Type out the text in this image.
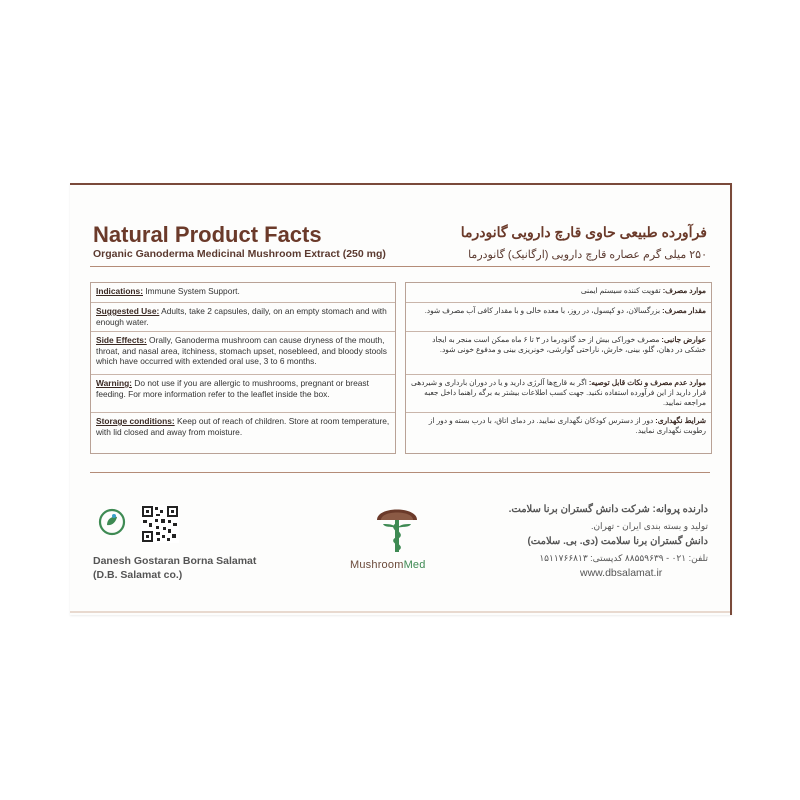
Natural Product Facts
Organic Ganoderma Medicinal Mushroom Extract (250 mg)
فرآورده طبیعی حاوی قارچ دارویی گانودرما
۲۵۰ میلی گرم عصاره قارچ دارویی (ارگانیک) گانودرما
Indications: Immune System Support.
Suggested Use: Adults, take 2 capsules, daily, on an empty stomach and with enough water.
Side Effects: Orally, Ganoderma mushroom can cause dryness of the mouth, throat, and nasal area, itchiness, stomach upset, nosebleed, and bloody stools which have occurred with extended oral use, 3 to 6 months.
Warning: Do not use if you are allergic to mushrooms, pregnant or breast feeding. For more information refer to the leaflet inside the box.
Storage conditions: Keep out of reach of children. Store at room temperature, with lid closed and away from moisture.
موارد مصرف: تقویت کننده سیستم ایمنی
مقدار مصرف: بزرگسالان، دو کپسول، در روز، با معده خالی و با مقدار کافی آب مصرف شود.
عوارض جانبی: مصرف خوراکی بیش از حد گانودرما در ۳ تا ۶ ماه ممکن است منجر به ایجاد خشکی در دهان، گلو، بینی، خارش، ناراحتی گوارشی، خونریزی بینی و مدفوع خونی شود.
موارد عدم مصرف و نکات قابل توصیه: اگر به قارچ‌ها آلرژی دارید و یا در دوران بارداری و شیردهی قرار دارید از این فرآورده استفاده نکنید. جهت کسب اطلاعات بیشتر به برگه راهنما داخل جعبه مراجعه نمایید.
شرایط نگهداری: دور از دسترس کودکان نگهداری نمایید. در دمای اتاق، با درب بسته و دور از رطوبت نگهداری نمایید.
Danesh Gostaran Borna Salamat
(D.B. Salamat co.)
MushroomMed
دارنده پروانه: شرکت دانش گستران برنا سلامت.
تولید و بسته بندی ایران - تهران.
دانش گستران برنا سلامت (دی. بی. سلامت)
تلفن: ۰۲۱ - ۸۸۵۵۹۶۳۹ کدپستی: ۱۵۱۱۷۶۶۸۱۳
www.dbsalamat.ir
